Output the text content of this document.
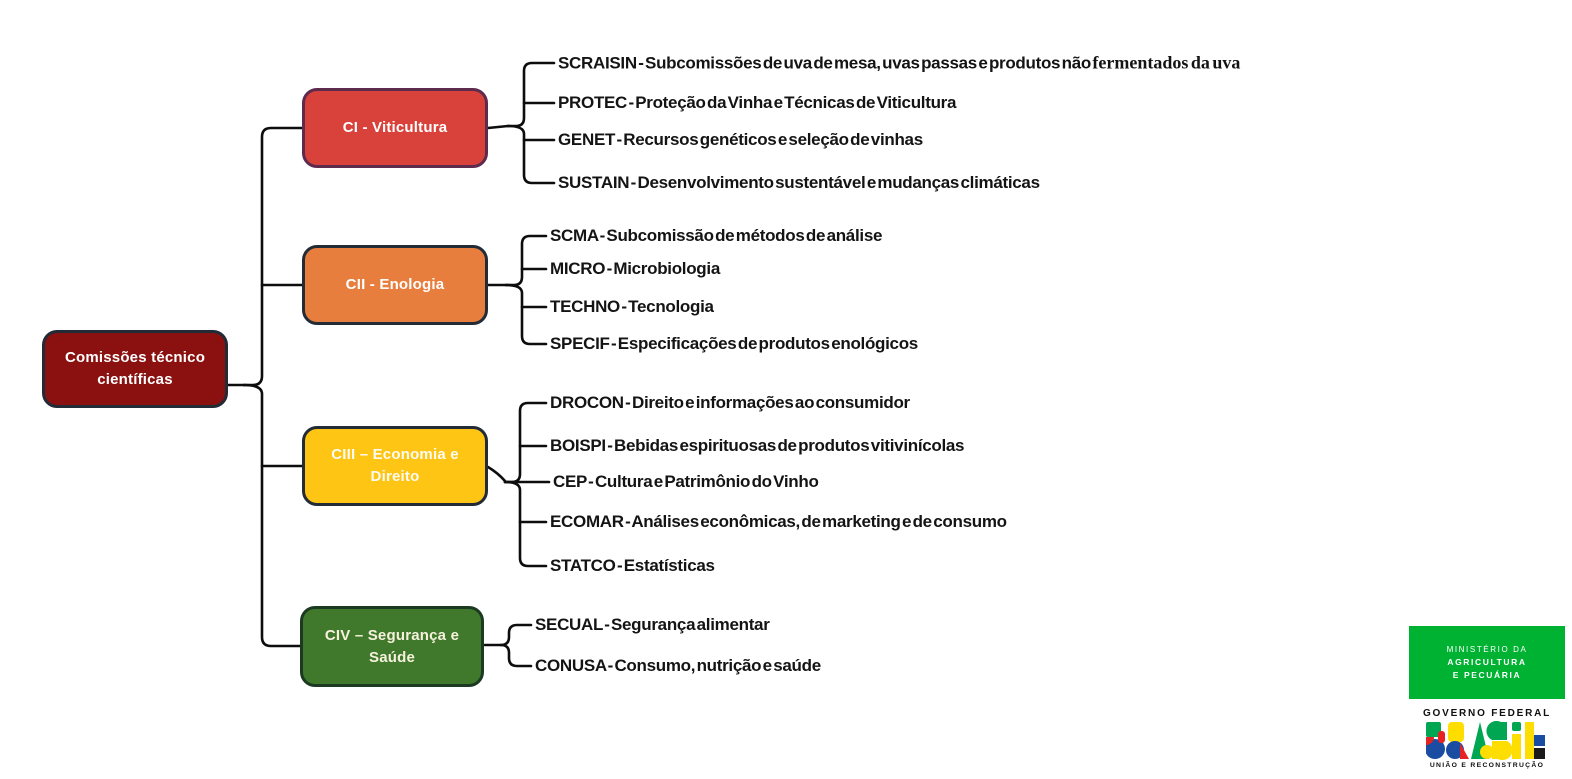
Comissões técnico científicas
CI - Viticultura
CII - Enologia
CIII – Economia e Direito
CIV – Segurança e Saúde
SCRAISIN - Subcomissões de uva de mesa, uvas passas e produtos não fermentados da uva
PROTEC - Proteção da Vinha e Técnicas de Viticultura
GENET - Recursos genéticos e seleção de vinhas
SUSTAIN - Desenvolvimento sustentável e mudanças climáticas
SCMA - Subcomissão de métodos de análise
MICRO - Microbiologia
TECHNO - Tecnologia
SPECIF - Especificações de produtos enológicos
DROCON - Direito e informações ao consumidor
BOISPI - Bebidas espirituosas de produtos vitivinícolas
CEP - Cultura e Patrimônio do Vinho
ECOMAR - Análises econômicas, de marketing e de consumo
STATCO - Estatísticas
SECUAL - Segurança alimentar
CONUSA - Consumo, nutrição e saúde
MINISTÉRIO DA
AGRICULTURA
E PECUÁRIA
GOVERNO FEDERAL
UNIÃO E RECONSTRUÇÃO
